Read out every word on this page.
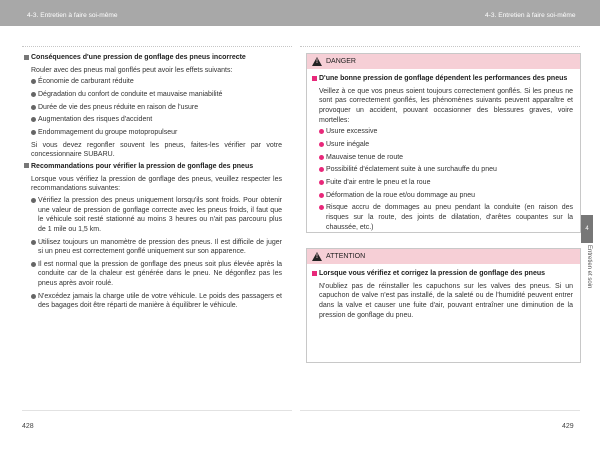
4-3. Entretien à faire soi-même
Conséquences d'une pression de gonflage des pneus incorrecte
Rouler avec des pneus mal gonflés peut avoir les effets suivants:
Économie de carburant réduite
Dégradation du confort de conduite et mauvaise maniabilité
Durée de vie des pneus réduite en raison de l'usure
Augmentation des risques d'accident
Endommagement du groupe motopropulseur
Si vous devez regonfler souvent les pneus, faites-les vérifier par votre concessionnaire SUBARU.
Recommandations pour vérifier la pression de gonflage des pneus
Lorsque vous vérifiez la pression de gonflage des pneus, veuillez respecter les recommandations suivantes:
Vérifiez la pression des pneus uniquement lorsqu'ils sont froids. Pour obtenir une valeur de pression de gonflage correcte avec les pneus froids, il faut que le véhicule soit resté stationné au moins 3 heures ou n'ait pas parcouru plus de 1 mile ou 1,5 km.
Utilisez toujours un manomètre de pression des pneus. Il est difficile de juger si un pneu est correctement gonflé uniquement sur son apparence.
Il est normal que la pression de gonflage des pneus soit plus élevée après la conduite car de la chaleur est générée dans le pneu. Ne dégonflez pas les pneus après avoir roulé.
N'excédez jamais la charge utile de votre véhicule. Le poids des passagers et des bagages doit être réparti de manière à équilibrer le véhicule.
428
4-3. Entretien à faire soi-même
! DANGER
D'une bonne pression de gonflage dépendent les performances des pneus
Veillez à ce que vos pneus soient toujours correctement gonflés. Si les pneus ne sont pas correctement gonflés, les phénomènes suivants peuvent apparaître et provoquer un accident, pouvant occasionner des blessures graves, voire mortelles:
Usure excessive
Usure inégale
Mauvaise tenue de route
Possibilité d'éclatement suite à une surchauffe du pneu
Fuite d'air entre le pneu et la roue
Déformation de la roue et/ou dommage au pneu
Risque accru de dommages au pneu pendant la conduite (en raison des risques sur la route, des joints de dilatation, d'arêtes coupantes sur la chaussée, etc.)
! ATTENTION
Lorsque vous vérifiez et corrigez la pression de gonflage des pneus
N'oubliez pas de réinstaller les capuchons sur les valves des pneus. Si un capuchon de valve n'est pas installé, de la saleté ou de l'humidité peuvent entrer dans la valve et causer une fuite d'air, pouvant entraîner une diminution de la pression de gonflage du pneu.
4
Entretien et soin
429
